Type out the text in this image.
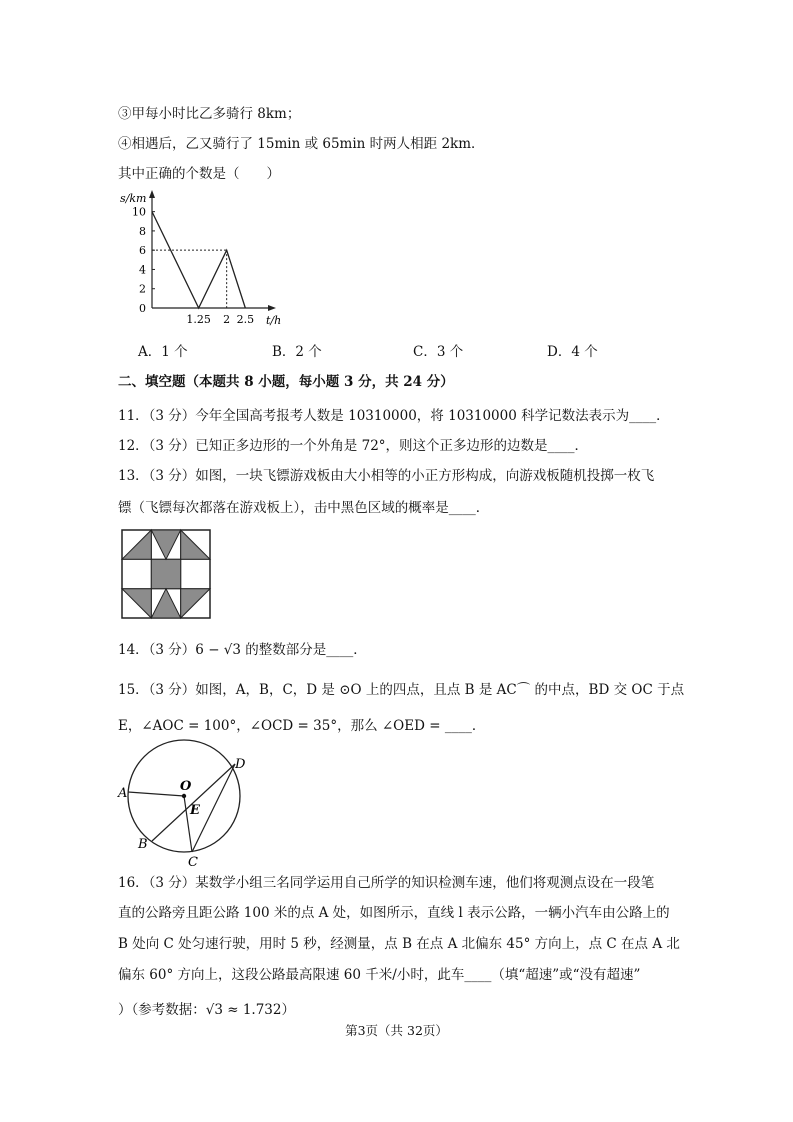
③甲每小时比乙多骑行 8km；
④相遇后，乙又骑行了 15min 或 65min 时两人相距 2km．
其中正确的个数是（　　）
10
8
6
4
2
0
1.25 2 2.5
s/km
t/h
A．1 个	B．2 个	C．3 个	D．4 个
二、填空题（本题共 8 小题，每小题 3 分，共 24 分）
11．（3 分）今年全国高考报考人数是 10310000，将 10310000 科学记数法表示为____．
12．（3 分）已知正多边形的一个外角是 72°，则这个正多边形的边数是____．
13．（3 分）如图，一块飞镖游戏板由大小相等的小正方形构成，向游戏板随机投掷一枚飞
镖（飞镖每次都落在游戏板上），击中黑色区域的概率是____．
14．（3 分）6 − √3 的整数部分是____．
15．（3 分）如图，A，B，C，D 是 ⊙O 上的四点，且点 B 是 AC⌒ 的中点，BD 交 OC 于点
E，∠AOC = 100°，∠OCD = 35°，那么 ∠OED = ____．
A
B
C
D
O
E
16．（3 分）某数学小组三名同学运用自己所学的知识检测车速，他们将观测点设在一段笔
直的公路旁且距公路 100 米的点 A 处，如图所示，直线 l 表示公路，一辆小汽车由公路上的
B 处向 C 处匀速行驶，用时 5 秒，经测量，点 B 在点 A 北偏东 45° 方向上，点 C 在点 A 北
偏东 60° 方向上，这段公路最高限速 60 千米/小时，此车____（填“超速”或“没有超速”
）（参考数据：√3 ≈ 1.732）
第3页（共 32页）
